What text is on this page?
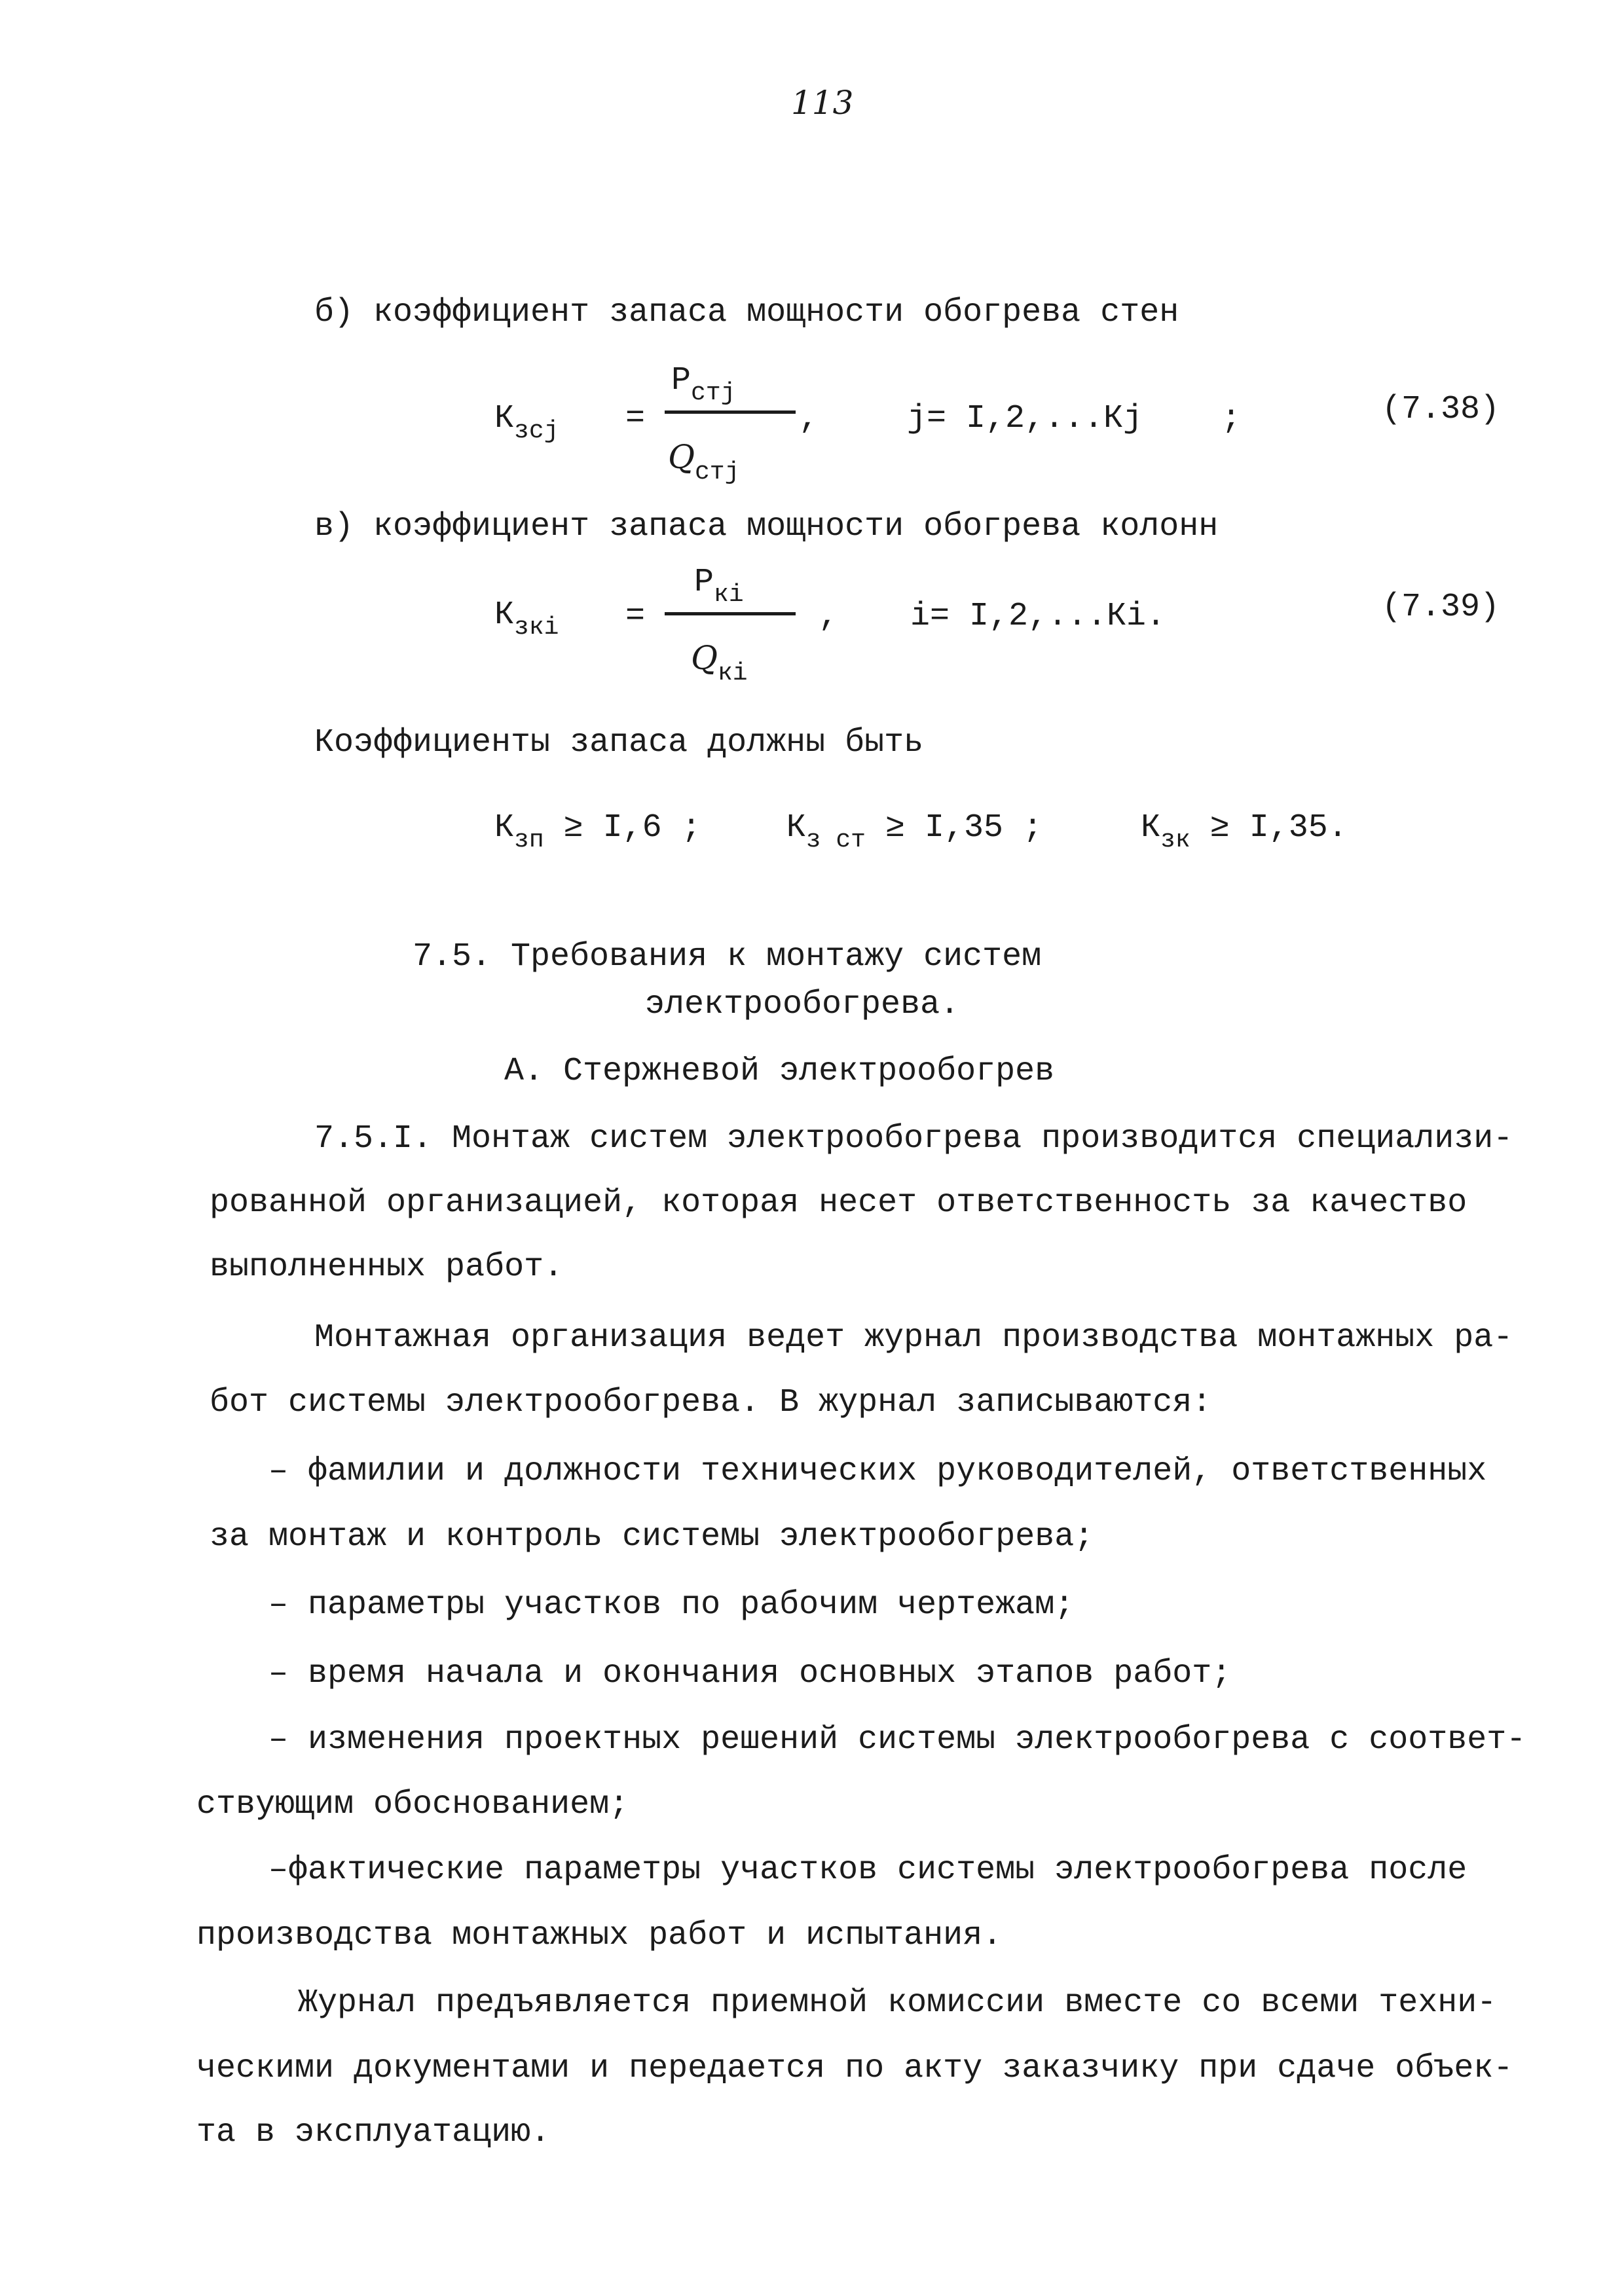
113
б) коэффициент запаса мощности обогрева стен
$К_{зсj}$ =
$Р_{стj}$
$Q_{стj}$
,	j= I,2,...Кj ;	(7.38)
в) коэффициент запаса мощности обогрева колонн
$К_{зкi}$ =
$Р_{кi}$
$Q_{кi}$
, i= I,2,...Кi.	(7.39)
Коэффициенты запаса должны быть
$К_{зп} \ge I,6$ ;	$К_{з ст} \ge I,35$ ;	$К_{зк} \ge I,35$.
7.5. Требования к монтажу систем
электрообогрева.
А. Стержневой электрообогрев
7.5.I. Монтаж систем электрообогрева производится специализи-
рованной организацией, которая несет ответственность за качество
выполненных работ.
Монтажная организация ведет журнал производства монтажных ра-
бот системы электрообогрева. В журнал записываются:
– фамилии и должности технических руководителей, ответственных
за монтаж и контроль системы электрообогрева;
– параметры участков по рабочим чертежам;
– время начала и окончания основных этапов работ;
– изменения проектных решений системы электрообогрева с соответ-
ствующим обоснованием;
–фактические параметры участков системы электрообогрева после
производства монтажных работ и испытания.
Журнал предъявляется приемной комиссии вместе со всеми техни-
ческими документами и передается по акту заказчику при сдаче объек-
та в эксплуатацию.
